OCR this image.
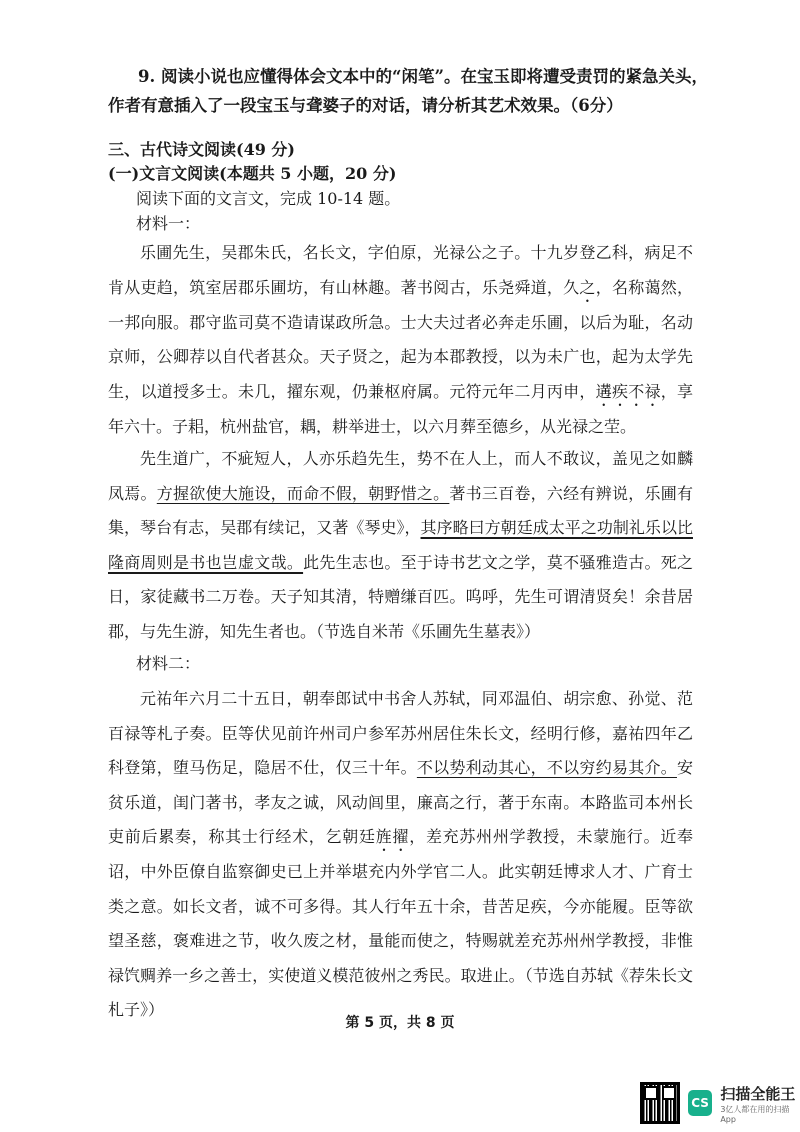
9. 阅读小说也应懂得体会文本中的“闲笔”。在宝玉即将遭受责罚的紧急关头，
作者有意插入了一段宝玉与聋婆子的对话，请分析其艺术效果。（6分）
三、古代诗文阅读(49 分)
(一)文言文阅读(本题共 5 小题，20 分)
阅读下面的文言文，完成 10-14 题。
材料一：

乐圃先生，吴郡朱氏，名长文，字伯原，光禄公之子。十九岁登乙科，病足不肯从吏趋，筑室居郡乐圃坊，有山林趣。著书阅古，乐尧舜道，久之，名称蔼然，一邦向服。郡守监司莫不造请谋政所急。士大夫过者必奔走乐圃，以后为耻，名动京师，公卿荐以自代者甚众。天子贤之，起为本郡教授，以为未广也，起为太学先生，以道授多士。未几，擢东观，仍兼枢府属。元符元年二月丙申，遘疾不禄，享年六十。子耜，杭州盐官，耦，耕举进士，以六月葬至德乡，从光禄之茔。

先生道广，不疵短人，人亦乐趋先生，势不在人上，而人不敢议，盖见之如麟凤焉。方握欲使大施设，而命不假，朝野惜之。著书三百卷，六经有辨说，乐圃有集，琴台有志，吴郡有续记，又著《琴史》，其序略曰方朝廷成太平之功制礼乐以比隆商周则是书也岂虚文哉。此先生志也。至于诗书艺文之学，莫不骚雅造古。死之日，家徒藏书二万卷。天子知其清，特赠缣百匹。呜呼，先生可谓清贤矣！余昔居郡，与先生游，知先生者也。（节选自米芾《乐圃先生墓表》）

材料二：

元祐年六月二十五日，朝奉郎试中书舍人苏轼，同邓温伯、胡宗愈、孙觉、范百禄等札子奏。臣等伏见前许州司户参军苏州居住朱长文，经明行修，嘉祐四年乙科登第，堕马伤足，隐居不仕，仅三十年。不以势利动其心，不以穷约易其介。安贫乐道，闺门著书，孝友之诚，风动闾里，廉高之行，著于东南。本路监司本州长吏前后累奏，称其士行经术，乞朝廷旌擢，差充苏州州学教授，未蒙施行。近奉诏，中外臣僚自监察御史已上并举堪充内外学官二人。此实朝廷博求人才、广育士类之意。如长文者，诚不可多得。其人行年五十余，昔苦足疾，今亦能履。臣等欲望圣慈，褒难进之节，收久废之材，量能而使之，特赐就差充苏州州学教授，非惟禄饩赒养一乡之善士，实使道义模范彼州之秀民。取进止。（节选自苏轼《荐朱长文札子》）

第 5 页，共 8 页
CS
扫描全能王
3亿人都在用的扫描App
